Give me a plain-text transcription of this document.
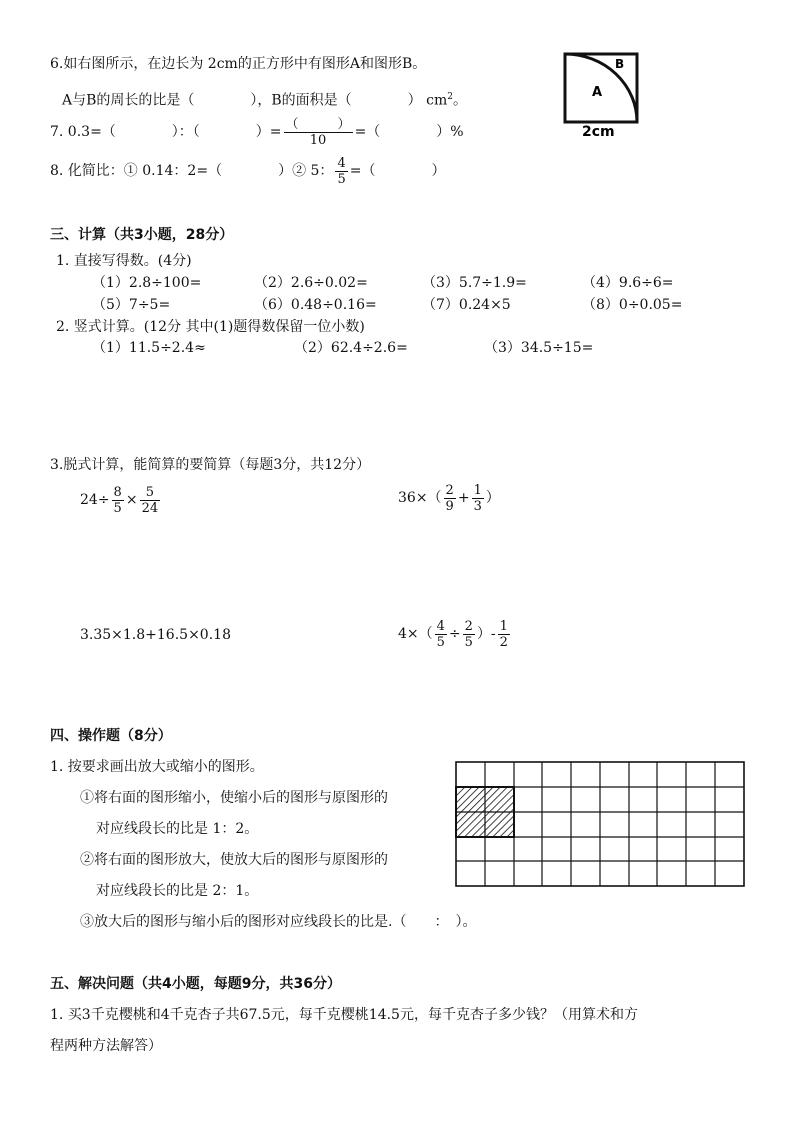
6.如右图所示，在边长为 2cm的正方形中有图形A和图形B。
A与B的周长的比是（　　　　），B的面积是（　　　　） $cm^2$。
A
B
2cm
7. 0.3=（　　　　）：（　　　　）= $\frac{( )}{10}$ =（　　　　）%
8. 化简比：① 0.14：2=（　　　　）② 5： $\frac{4}{5}$ =（　　　　）
三、计算（共3小题，28分）
1. 直接写得数。(4分)
（1）2.8÷100=	（2）2.6÷0.02=	（3）5.7÷1.9=	（4）9.6÷6=
（5）7÷5=	（6）0.48÷0.16=	（7）0.24×5	（8）0÷0.05=
2. 竖式计算。(12分 其中(1)题得数保留一位小数)
（1）11.5÷2.4≈	（2）62.4÷2.6=	（3）34.5÷15=
3.脱式计算，能简算的要简算（每题3分，共12分）
$24\div \frac{8}{5} \times \frac{5}{24}$	$36\times( \frac{2}{9} + \frac{1}{3}$ ）
3.35×1.8+16.5×0.18	$4\times( \frac{4}{5} \div \frac{2}{5}$ ）- $\frac{1}{2}$
四、操作题（8分）
1. 按要求画出放大或缩小的图形。
①将右面的图形缩小，使缩小后的图形与原图形的
对应线段长的比是 1：2。
②将右面的图形放大，使放大后的图形与原图形的
对应线段长的比是 2：1。
③放大后的图形与缩小后的图形对应线段长的比是.（　　：　）。
五、解决问题（共4小题，每题9分，共36分）
1. 买3千克樱桃和4千克杏子共67.5元，每千克樱桃14.5元，每千克杏子多少钱？（用算术和方
程两种方法解答）
